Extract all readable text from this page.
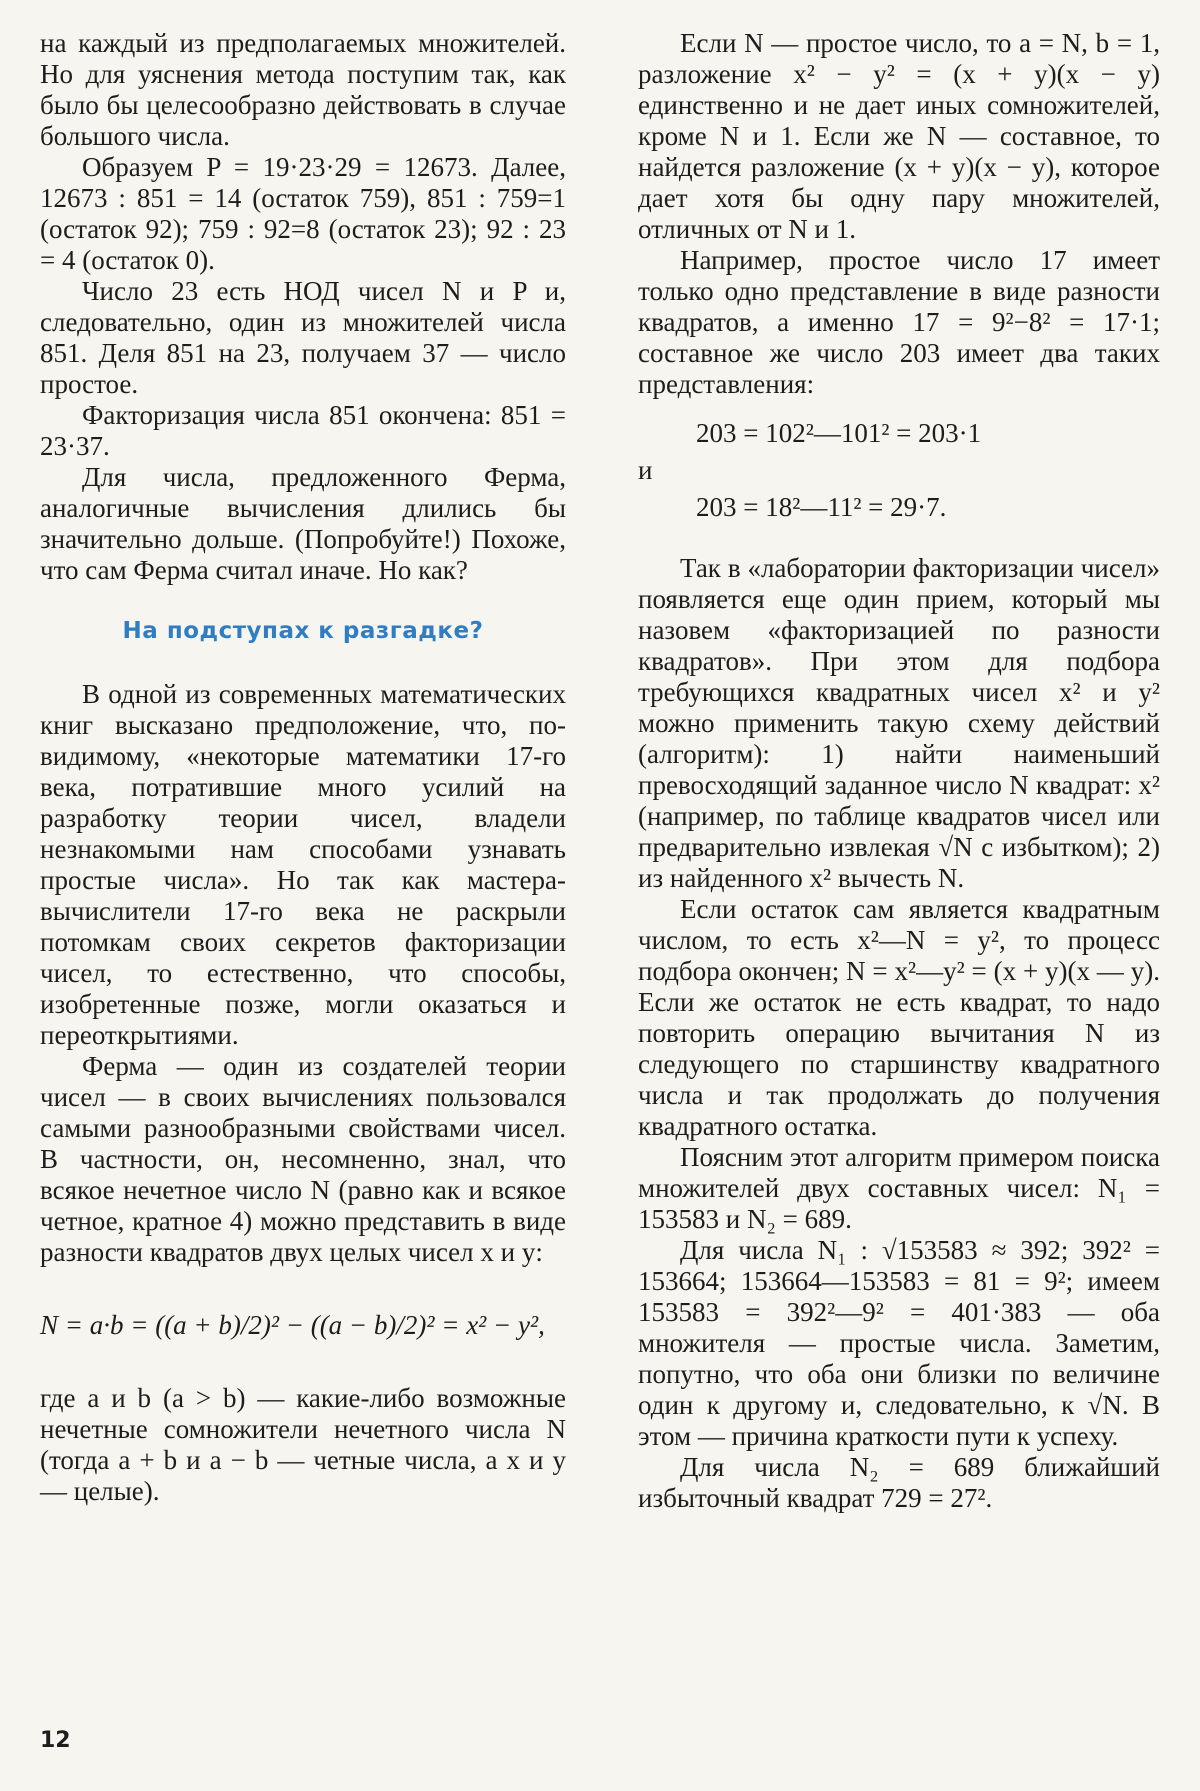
на каждый из предполагаемых множителей. Но для уяснения метода поступим так, как было бы целесообразно действовать в случае большого числа.

Образуем P = 19·23·29 = 12673. Далее, 12673 : 851 = 14 (остаток 759), 851 : 759=1 (остаток 92); 759 : 92=8 (остаток 23); 92 : 23 = 4 (остаток 0).

Число 23 есть НОД чисел N и P и, следовательно, один из множителей числа 851. Деля 851 на 23, получаем 37 — число простое.

Факторизация числа 851 окончена: 851 = 23·37.

Для числа, предложенного Ферма, аналогичные вычисления длились бы значительно дольше. (Попробуйте!) Похоже, что сам Ферма считал иначе. Но как?

На подступах к разгадке?

В одной из современных математических книг высказано предположение, что, по-видимому, «некоторые математики 17-го века, потратившие много усилий на разработку теории чисел, владели незнакомыми нам способами узнавать простые числа». Но так как мастера-вычислители 17-го века не раскрыли потомкам своих секретов факторизации чисел, то естественно, что способы, изобретенные позже, могли оказаться и переоткрытиями.

Ферма — один из создателей теории чисел — в своих вычислениях пользовался самыми разнообразными свойствами чисел. В частности, он, несомненно, знал, что всякое нечетное число N (равно как и всякое четное, кратное 4) можно представить в виде разности квадратов двух целых чисел x и y:

N = a·b = ((a + b)/2)² − ((a − b)/2)² = x² − y²,

где a и b (a > b) — какие-либо возможные нечетные сомножители нечетного числа N (тогда a + b и a − b — четные числа, а x и y — целые).

Если N — простое число, то a = N, b = 1, разложение x² − y² = (x + y)(x − y) единственно и не дает иных сомножителей, кроме N и 1. Если же N — составное, то найдется разложение (x + y)(x − y), которое дает хотя бы одну пару множителей, отличных от N и 1.

Например, простое число 17 имеет только одно представление в виде разности квадратов, а именно 17 = 9²−8² = 17·1; составное же число 203 имеет два таких представления:

203 = 102²—101² = 203·1
и
203 = 18²—11² = 29·7.

Так в «лаборатории факторизации чисел» появляется еще один прием, который мы назовем «факторизацией по разности квадратов». При этом для подбора требующихся квадратных чисел x² и y² можно применить такую схему действий (алгоритм): 1) найти наименьший превосходящий заданное число N квадрат: x² (например, по таблице квадратов чисел или предварительно извлекая √N с избытком); 2) из найденного x² вычесть N.

Если остаток сам является квадратным числом, то есть x²—N = y², то процесс подбора окончен; N = x²—y² = (x + y)(x — y). Если же остаток не есть квадрат, то надо повторить операцию вычитания N из следующего по старшинству квадратного числа и так продолжать до получения квадратного остатка.

Поясним этот алгоритм примером поиска множителей двух составных чисел: N₁ = 153583 и N₂ = 689.

Для числа N₁ : √153583 ≈ 392; 392² = 153664; 153664—153583 = 81 = 9²; имеем 153583 = 392²—9² = 401·383 — оба множителя — простые числа. Заметим, попутно, что оба они близки по величине один к другому и, следовательно, к √N. В этом — причина краткости пути к успеху.

Для числа N₂ = 689 ближайший избыточный квадрат 729 = 27².

12
